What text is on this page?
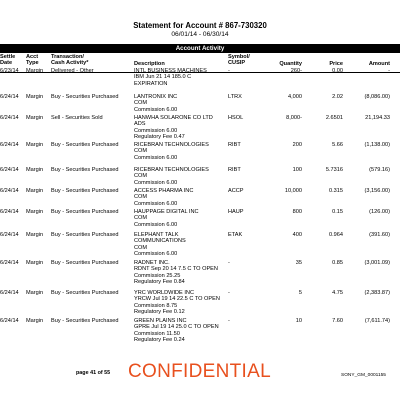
Statement for Account # 867-730320
06/01/14 - 06/30/14
Account Activity
Settle
Date
Acct
Type
Transaction/
Cash Activity*	Description
Symbol/
CUSIP	Quantity	Price	Amount
6/23/14	Margin	Delivered - Other	-	260-	0.00	-
INTL BUSINESS MACHINES
IBM Jun 21 14 185.0 C
EXPIRATION
6/24/14	Margin	Buy - Securities Purchased	LTRX	4,000	2.02	(8,086.00)
LANTRONIX INC
COM
Commission 6.00
6/24/14	Margin	Sell - Securities Sold	HSOL	8,000-	2.6501	21,194.33
HANWHA SOLARONE CO LTD
ADS
Commission 6.00
Regulatory Fee 0.47
6/24/14	Margin	Buy - Securities Purchased	RIBT	200	5.66	(1,138.00)
RICEBRAN TECHNOLOGIES
COM
Commission 6.00
6/24/14	Margin	Buy - Securities Purchased	RIBT	100	5.7316	(579.16)
RICEBRAN TECHNOLOGIES
COM
Commission 6.00
6/24/14	Margin	Buy - Securities Purchased	ACCP	10,000	0.315	(3,156.00)
ACCESS PHARMA INC
COM
Commission 6.00
6/24/14	Margin	Buy - Securities Purchased	HAUP	800	0.15	(126.00)
HAUPPAGE DIGITAL INC
COM
Commission 6.00
6/24/14	Margin	Buy - Securities Purchased	ETAK	400	0.964	(391.60)
ELEPHANT TALK
COMMUNICATIONS
COM
Commission 6.00
6/24/14	Margin	Buy - Securities Purchased	-	35	0.85	(3,001.09)
RADNET INC.
RDNT Sep 20 14 7.5 C TO OPEN
Commission 25.25
Regulatory Fee 0.84
6/24/14	Margin	Buy - Securities Purchased	-	5	4.75	(2,383.87)
YRC WORLDWIDE INC
YRCW Jul 19 14 22.5 C TO OPEN
Commission 8.75
Regulatory Fee 0.12
6/24/14	Margin	Buy - Securities Purchased	-	10	7.60	(7,611.74)
GREEN PLAINS INC
GPRE Jul 19 14 25.0 C TO OPEN
Commission 11.50
Regulatory Fee 0.24
page 41 of 55 CONFIDENTIAL	SONY_GM_0001155
